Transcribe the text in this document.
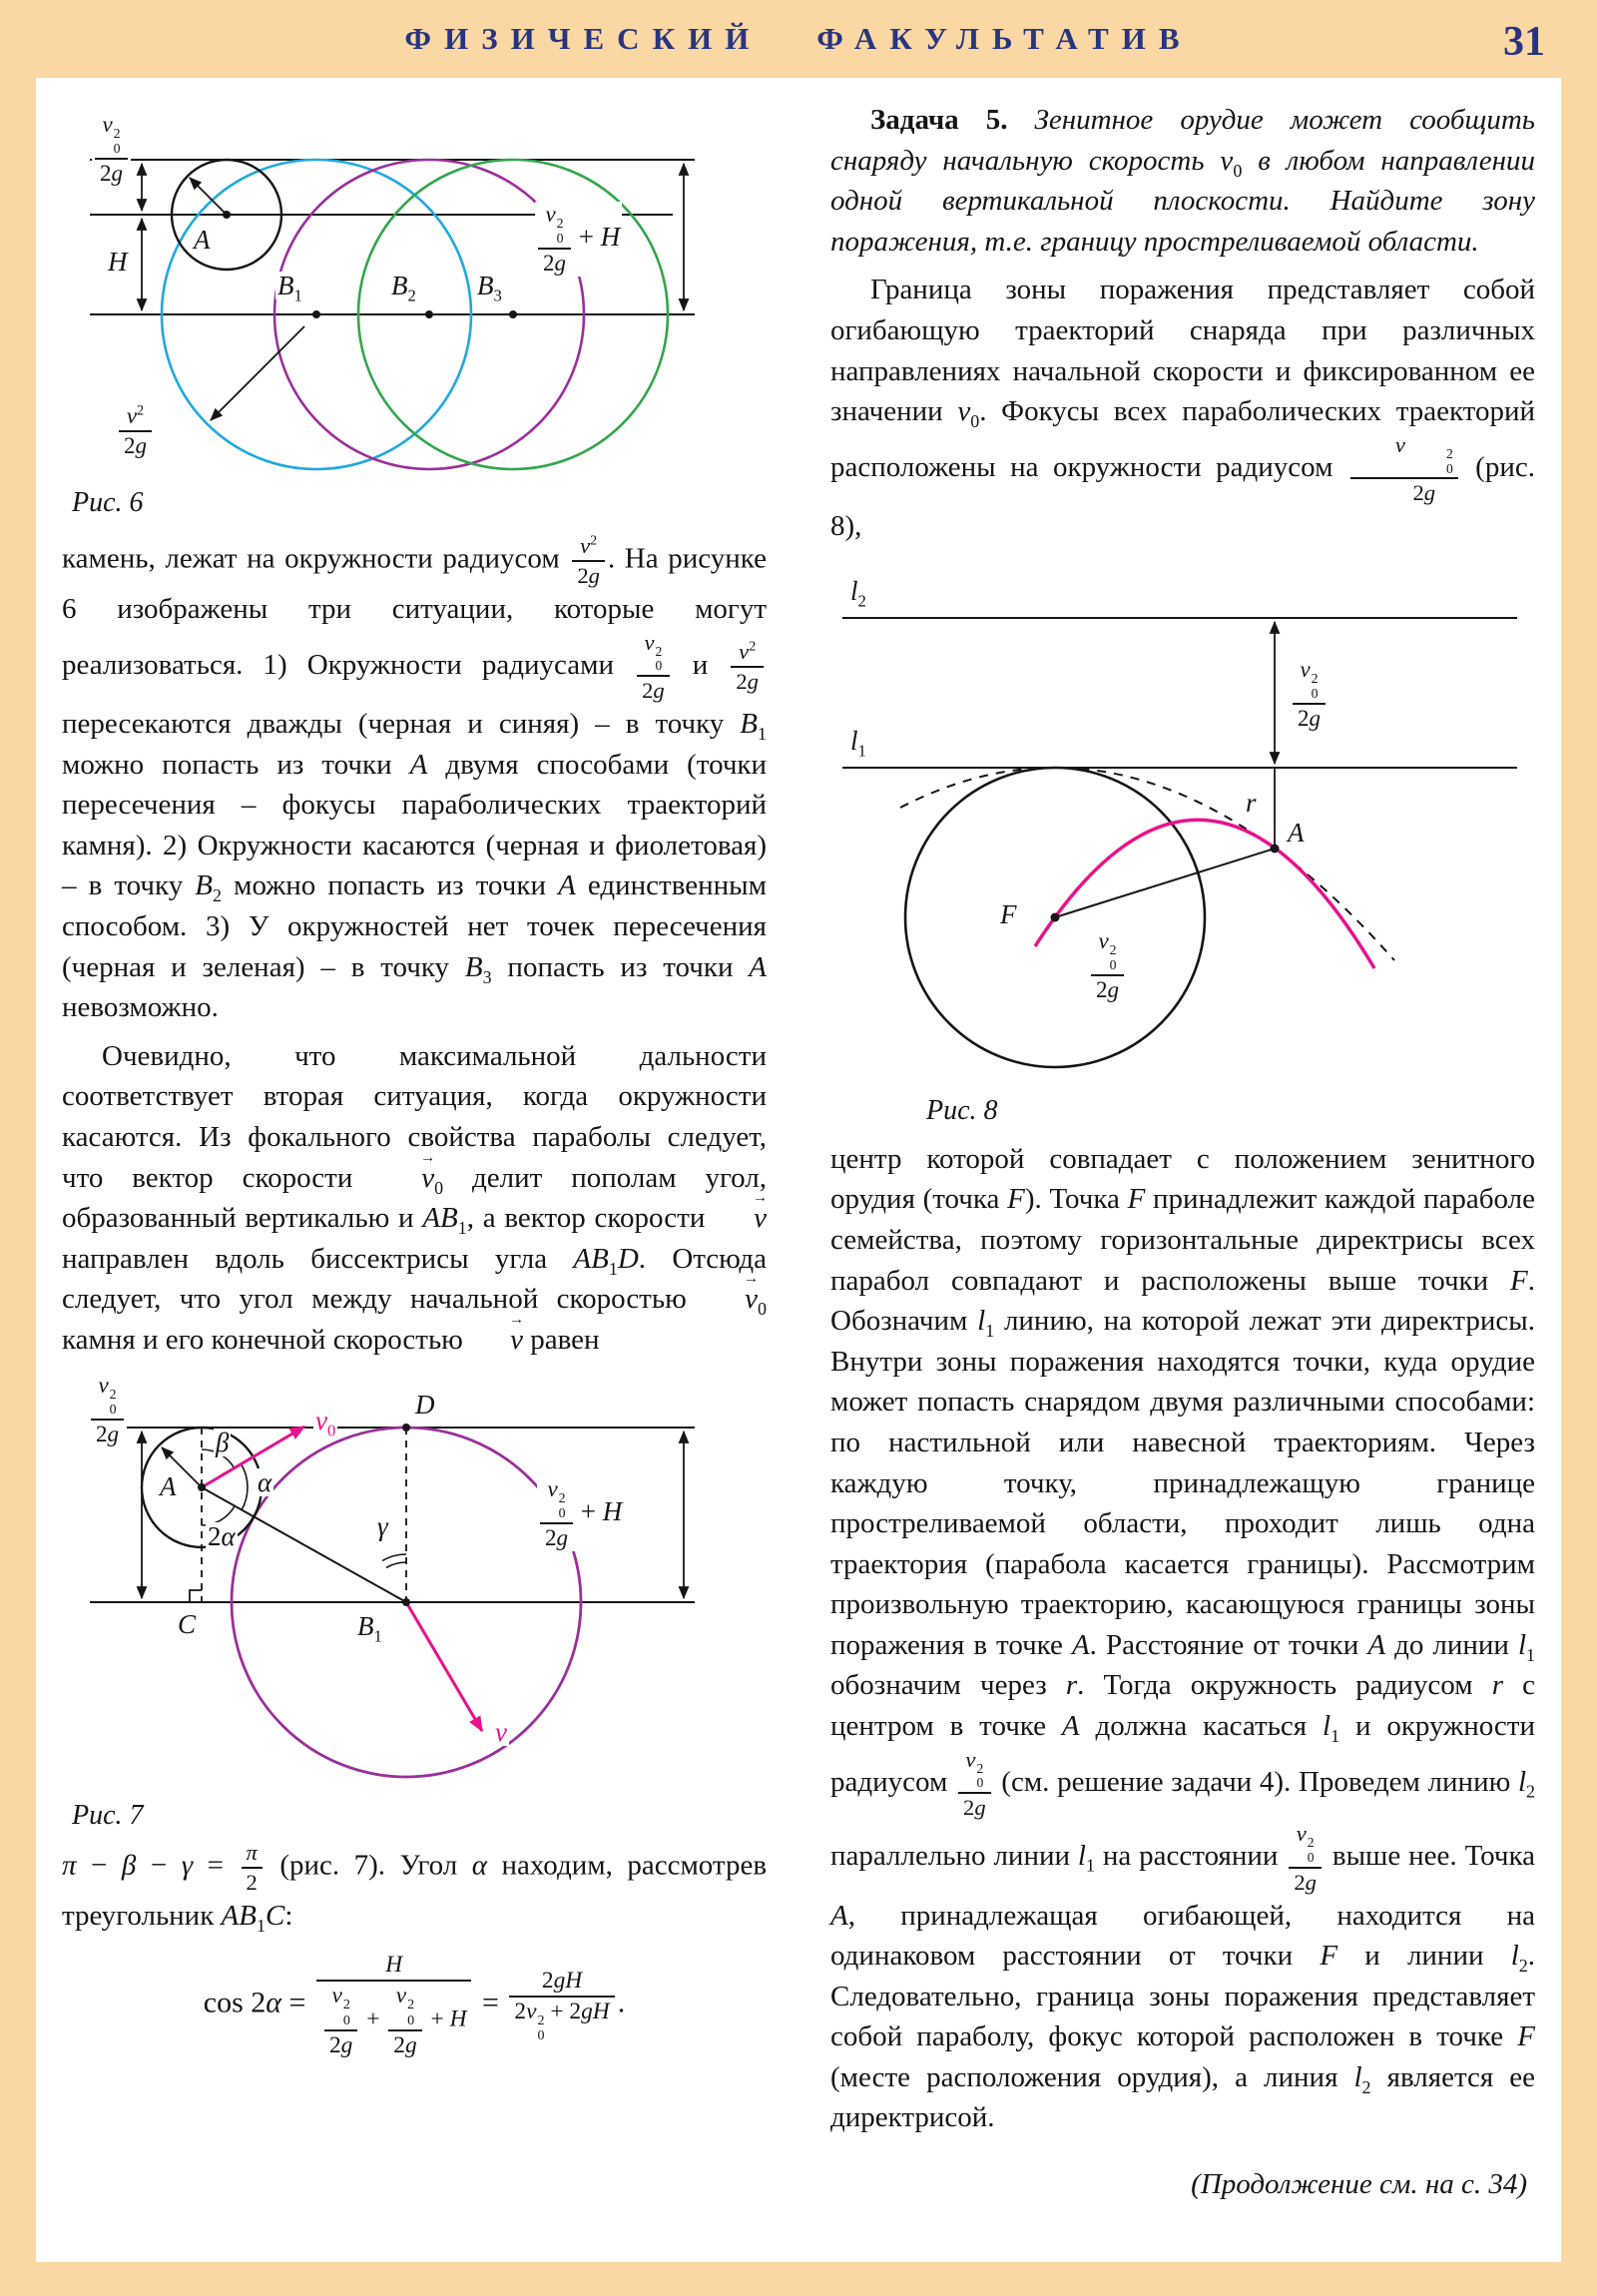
ФИЗИЧЕСКИЙ ФАКУЛЬТАТИВ	31
v 2
0
2g
H
A
$B_1$	$B_2$ $B_3$
$\frac{v^2}{2g}$
v 2
0
2g + H
Рис. 6

камень, лежат на окружности радиусом $\frac{v^2}{2g}$ . На рисунке 6 изображены три ситуации, которые могут реализоваться. 1) Окружности радиусами v 2
0
2g и $\frac{v^2}{2g}$
пересекаются дважды (черная и синяя) – в точку $B_1$ можно попасть из точки A двумя способами (точки пересечения – фокусы параболических траекторий камня). 2) Окружности касаются (черная и фиолетовая) – в точку $B_2$ можно попасть из точки A единственным способом. 3) У окружностей нет точек пересечения (черная и зеленая) – в точку $B_3$ попасть из точки A невозможно.

Очевидно, что максимальной дальности соответствует вторая ситуация, когда окружности касаются. Из фокального свойства параболы следует, что вектор скорости $v \to_0$ делит пополам угол, образованный вертикалью и $AB_1$, а вектор скорости v → направлен вдоль биссектрисы угла $AB_1D$. Отсюда следует, что угол между начальной скоростью $v \to_0$ камня и его конечной скоростью v → равен

v 2
0
2g
A
β
α
2α
$v_0$
D
γ
C	$B_1$
v
v 2
0
2g + H
Рис. 7

$\pi - \beta - \gamma = \frac{\pi}{2} (рис$. 7). Угол α находим, рассмотрев треугольник $AB_1C$:

cos 2α = H
v 2
0
2g + v 2
0
2g + H = 2gH
2v 2
0
+ 2gH .

Задача 5. Зенитное орудие может сообщить снаряду начальную скорость $v_0$ в любом направлении одной вертикальной плоскости. Найдите зону поражения, т.е. границу простреливаемой области.

Граница зоны поражения представляет собой огибающую траекторий снаряда при различных направлениях начальной скорости и фиксированном ее значении $v_0$. Фокусы всех параболических траекторий расположены на окружности радиусом v	2
0
2g (рис. 8),

$l_2$
$l_1$
v 2
0
2g
A
r
F
v 2
0
2g
Рис. 8

центр которой совпадает с положением зенитного орудия (точка F). Точка F принадлежит каждой параболе семейства, поэтому горизонтальные директрисы всех парабол совпадают и расположены выше точки F. Обозначим $l_1$ линию, на которой лежат эти директрисы. Внутри зоны поражения находятся точки, куда орудие может попасть снарядом двумя различными способами: по настильной или навесной траекториям. Через каждую точку, принадлежащую границе простреливаемой области, проходит лишь одна траектория (парабола касается границы). Рассмотрим произвольную траекторию, касающуюся границы зоны поражения в точке A. Расстояние от точки A до линии $l_1$ обозначим через r. Тогда окружность радиусом r с центром в точке A должна касаться $l_1$ и окружности радиусом v 2
0
2g (см. решение задачи 4). Проведем линию $l_2$ параллельно линии $l_1$ на расстоянии v 2
0
2g выше нее. Точка A, принадлежащая огибающей, находится на одинаковом расстоянии от точки F и линии $l_2$. Следовательно, граница зоны поражения представляет собой параболу, фокус которой расположен в точке F (месте расположения орудия), а линия $l_2$ является ее директрисой.

(Продолжение см. на с. 34)
